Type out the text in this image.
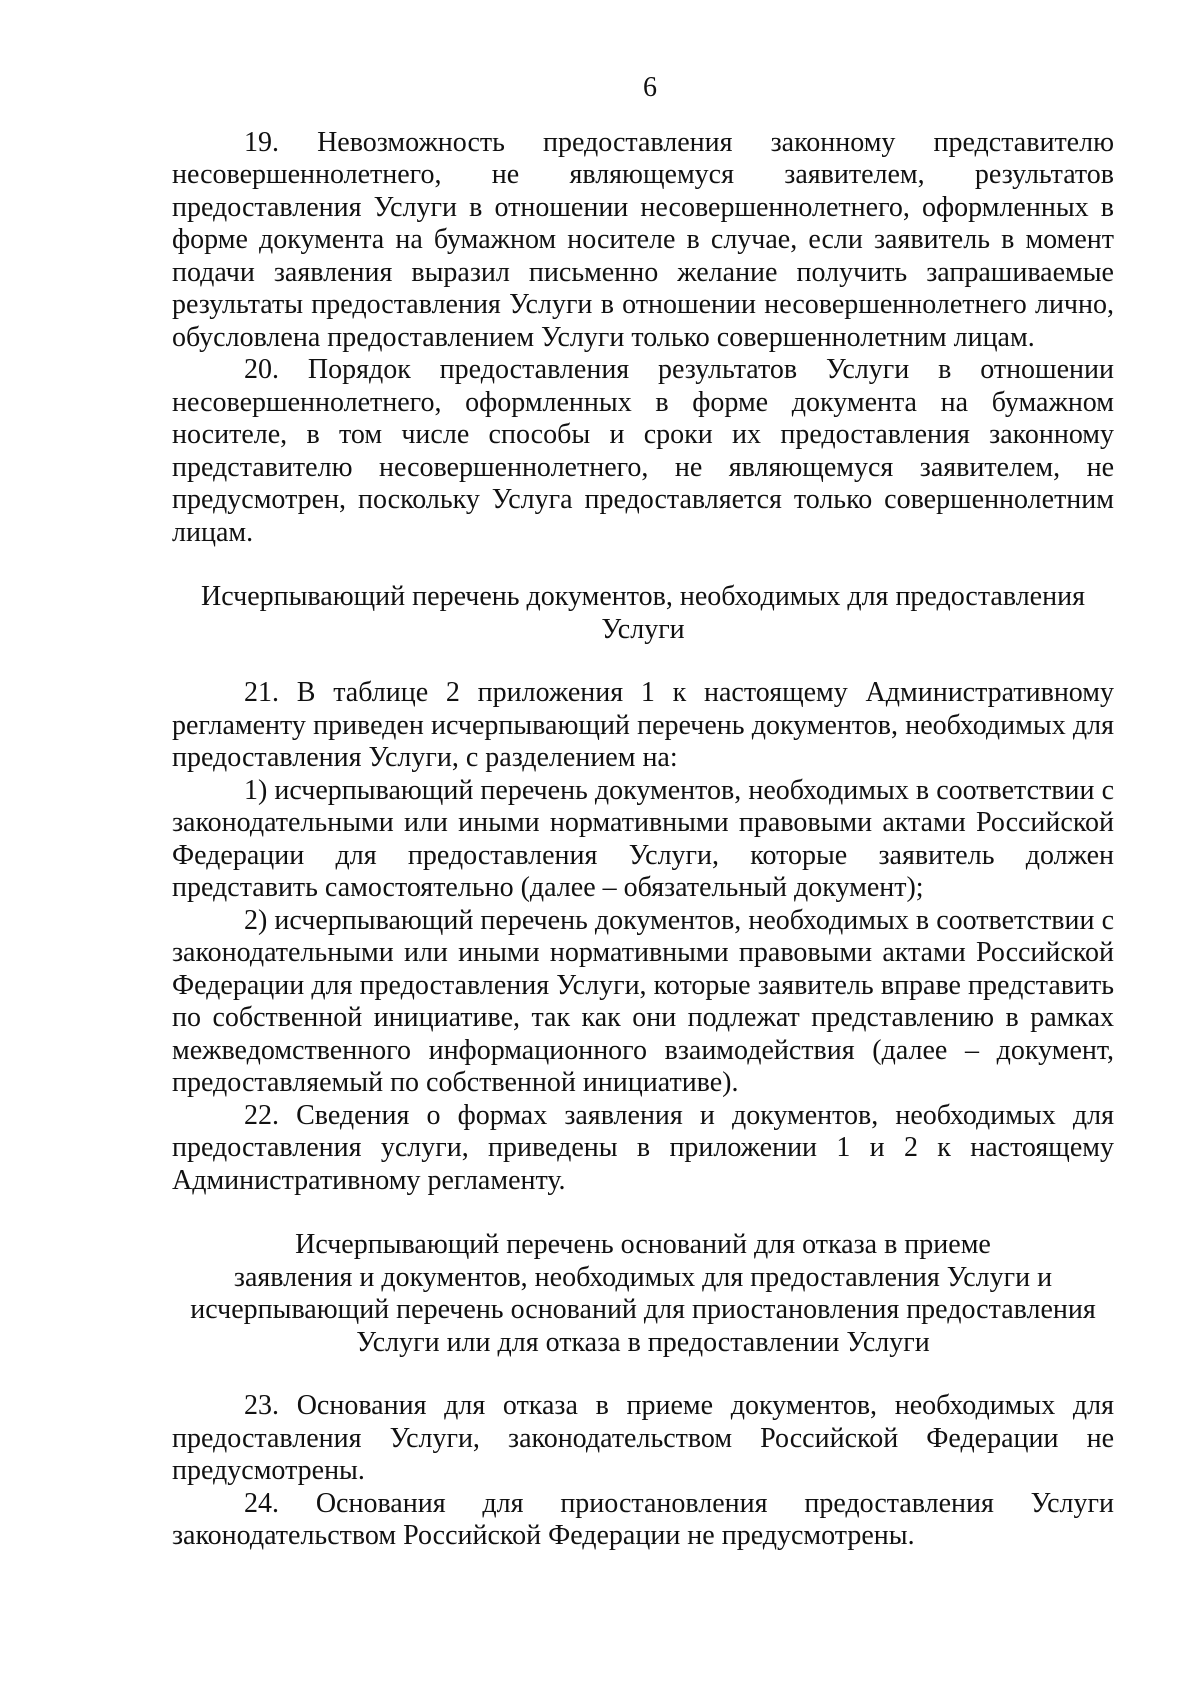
6

19. Невозможность предоставления законному представителю несовершеннолетнего, не являющемуся заявителем, результатов предоставления Услуги в отношении несовершеннолетнего, оформленных в форме документа на бумажном носителе в случае, если заявитель в момент подачи заявления выразил письменно желание получить запрашиваемые результаты предоставления Услуги в отношении несовершеннолетнего лично, обусловлена предоставлением Услуги только совершеннолетним лицам.

20. Порядок предоставления результатов Услуги в отношении несовершеннолетнего, оформленных в форме документа на бумажном носителе, в том числе способы и сроки их предоставления законному представителю несовершеннолетнего, не являющемуся заявителем, не предусмотрен, поскольку Услуга предоставляется только совершеннолетним лицам.

Исчерпывающий перечень документов, необходимых для предоставления Услуги

21. В таблице 2 приложения 1 к настоящему Административному регламенту приведен исчерпывающий перечень документов, необходимых для предоставления Услуги, с разделением на:

1) исчерпывающий перечень документов, необходимых в соответствии с законодательными или иными нормативными правовыми актами Российской Федерации для предоставления Услуги, которые заявитель должен представить самостоятельно (далее – обязательный документ);

2) исчерпывающий перечень документов, необходимых в соответствии с законодательными или иными нормативными правовыми актами Российской Федерации для предоставления Услуги, которые заявитель вправе представить по собственной инициативе, так как они подлежат представлению в рамках межведомственного информационного взаимодействия (далее – документ, предоставляемый по собственной инициативе).

22. Сведения о формах заявления и документов, необходимых для предоставления услуги, приведены в приложении 1 и 2 к настоящему Административному регламенту.

Исчерпывающий перечень оснований для отказа в приеме
заявления и документов, необходимых для предоставления Услуги и
исчерпывающий перечень оснований для приостановления предоставления
Услуги или для отказа в предоставлении Услуги

23. Основания для отказа в приеме документов, необходимых для предоставления Услуги, законодательством Российской Федерации не предусмотрены.

24. Основания для приостановления предоставления Услуги законодательством Российской Федерации не предусмотрены.
